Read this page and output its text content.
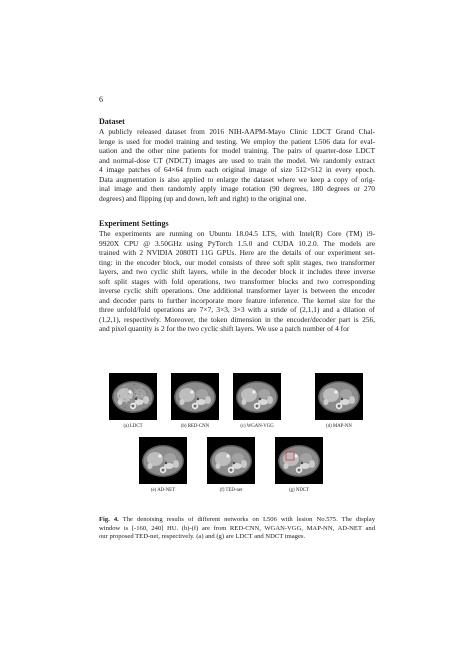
6
Dataset
A publicly released dataset from 2016 NIH-AAPM-Mayo Clinic LDCT Grand Chal-
lenge is used for model training and testing. We employ the patient L506 data for eval-
uation and the other nine patients for model training. The pairs of quarter-dose LDCT
and normal-dose CT (NDCT) images are used to train the model. We randomly extract
4 image patches of 64×64 from each original image of size 512×512 in every epoch.
Data augmentation is also applied to enlarge the dataset where we keep a copy of orig-
inal image and then randomly apply image rotation (90 degrees, 180 degrees or 270
degrees) and flipping (up and down, left and right) to the original one.
Experiment Settings
The experiments are running on Ubuntu 18.04.5 LTS, with Intel(R) Core (TM) i9-
9920X CPU @ 3.50GHz using PyTorch 1.5.0 and CUDA 10.2.0. The models are
trained with 2 NVIDIA 2080TI 11G GPUs. Here are the details of our experiment set-
ting: in the encoder block, our model consists of three soft split stages, two transformer
layers, and two cyclic shift layers, while in the decoder block it includes three inverse
soft split stages with fold operations, two transformer blocks and two corresponding
inverse cyclic shift operations. One additional transformer layer is between the encoder
and decoder parts to further incorporate more feature inference. The kernel size for the
three unfold/fold operations are 7×7, 3×3, 3×3 with a stride of (2,1,1) and a dilation of
(1,2,1), respectively. Moreover, the token dimension in the encoder/decoder part is 256,
and pixel quantity is 2 for the two cyclic shift layers. We use a patch number of 4 for
(a) LDCT	(b) RED-CNN	(c) WGAN-VGG	(d) MAP-NN
(e) AD-NET	(f) TED-net	(g) NDCT
Fig. 4. The denoising results of different networks on L506 with lesion No.575. The display
window is [-160, 240] HU. (b)-(f) are from RED-CNN, WGAN-VGG, MAP-NN, AD-NET and
our proposed TED-net, respectively. (a) and (g) are LDCT and NDCT images.
